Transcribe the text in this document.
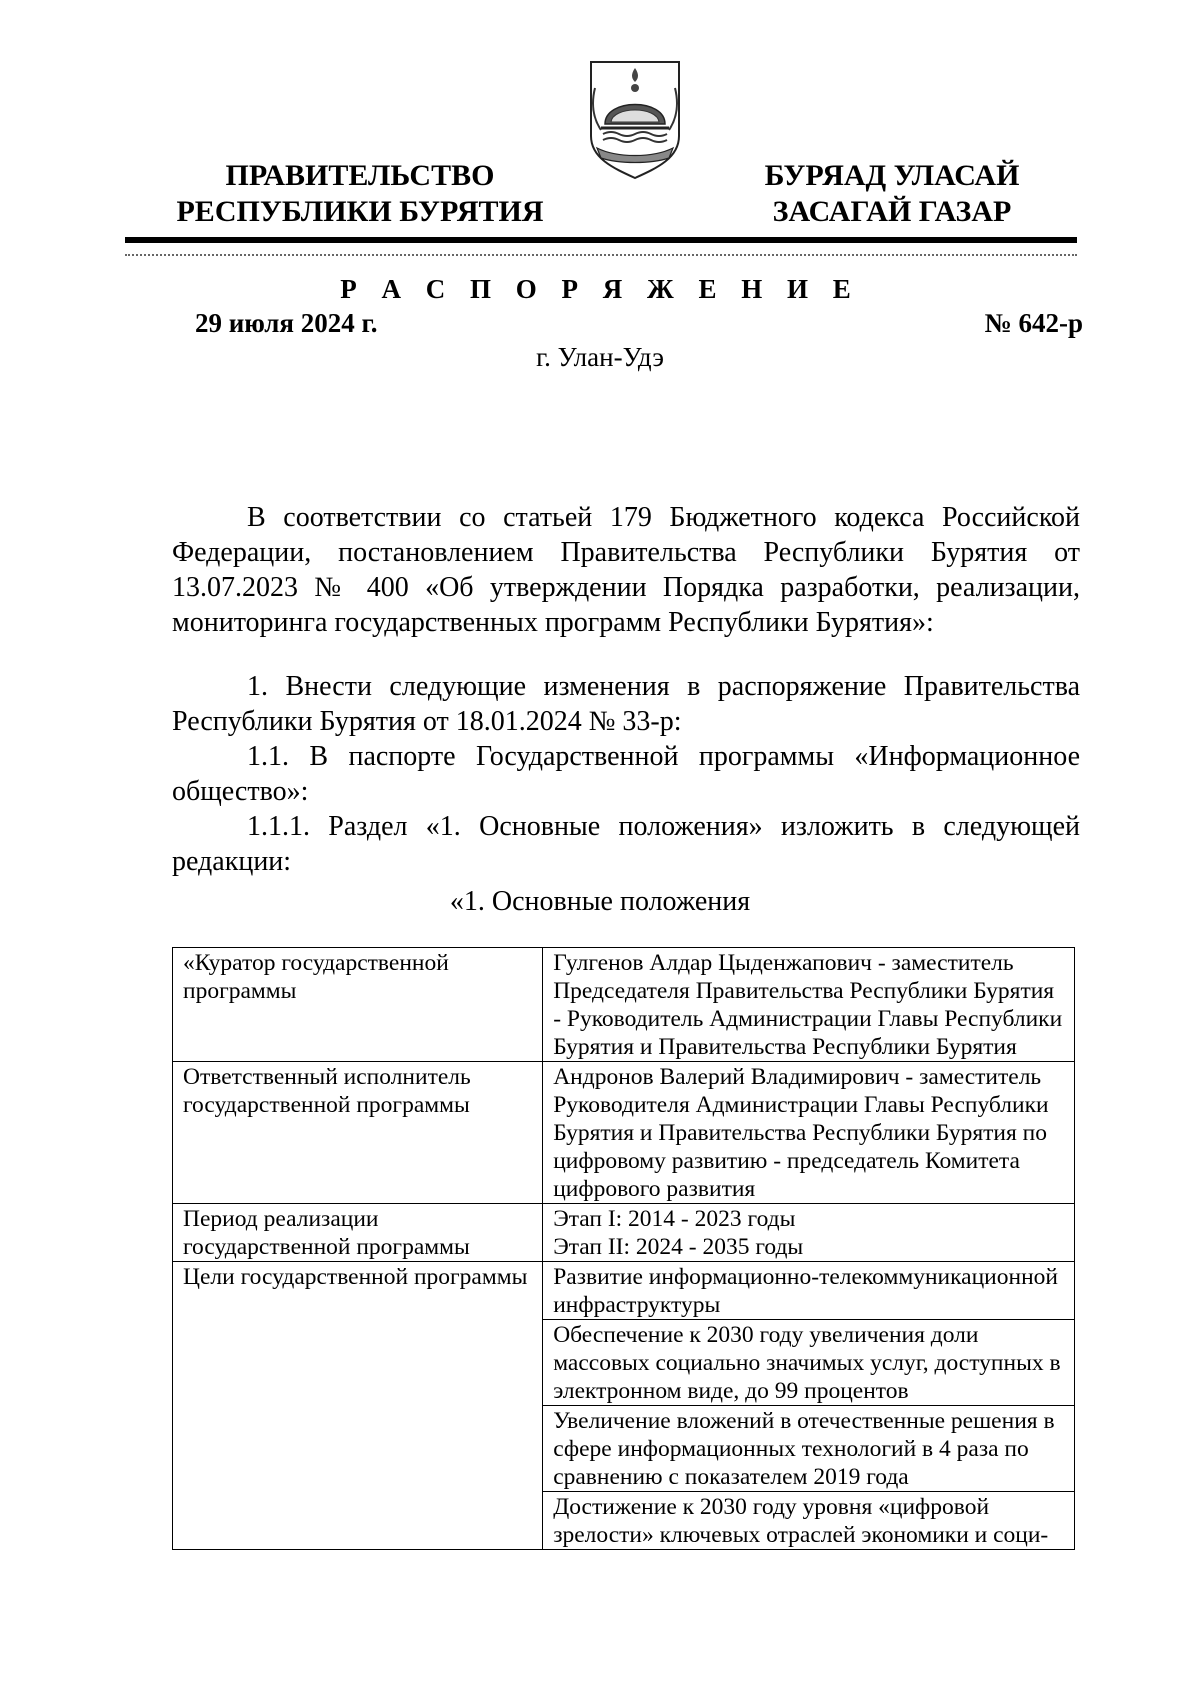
ПРАВИТЕЛЬСТВО
РЕСПУБЛИКИ БУРЯТИЯ
БУРЯАД УЛАСАЙ
ЗАСАГАЙ ГАЗАР
Р А С П О Р Я Ж Е Н И Е
29 июля 2024 г.	№ 642-р
г. Улан-Удэ
В соответствии со статьей 179 Бюджетного кодекса Российской Федерации, постановлением Правительства Республики Бурятия от 13.07.2023 № 400 «Об утверждении Порядка разработки, реализации, мониторинга государственных программ Республики Бурятия»:
1. Внести следующие изменения в распоряжение Правительства Республики Бурятия от 18.01.2024 № 33-р:
1.1. В паспорте Государственной программы «Информационное общество»:
1.1.1. Раздел «1. Основные положения» изложить в следующей редакции:
«1. Основные положения
«Куратор государственной программы	Гулгенов Алдар Цыденжапович - заместитель Председателя Правительства Республики Бурятия - Руководитель Администрации Главы Республики Бурятия и Правительства Республики Бурятия
Ответственный исполнитель государственной программы	Андронов Валерий Владимирович - заместитель Руководителя Администрации Главы Республики Бурятия и Правительства Республики Бурятия по цифровому развитию - председатель Комитета цифрового развития
Период реализации государственной программы	Этап I: 2014 - 2023 годы
Этап II: 2024 - 2035 годы

Цели государственной программы	Развитие информационно-телекоммуникационной инфраструктуры
	Обеспечение к 2030 году увеличения доли массовых социально значимых услуг, доступных в электронном виде, до 99 процентов
	Увеличение вложений в отечественные решения в сфере информационных технологий в 4 раза по сравнению с показателем 2019 года
	Достижение к 2030 году уровня «цифровой зрелости» ключевых отраслей экономики и соци-
